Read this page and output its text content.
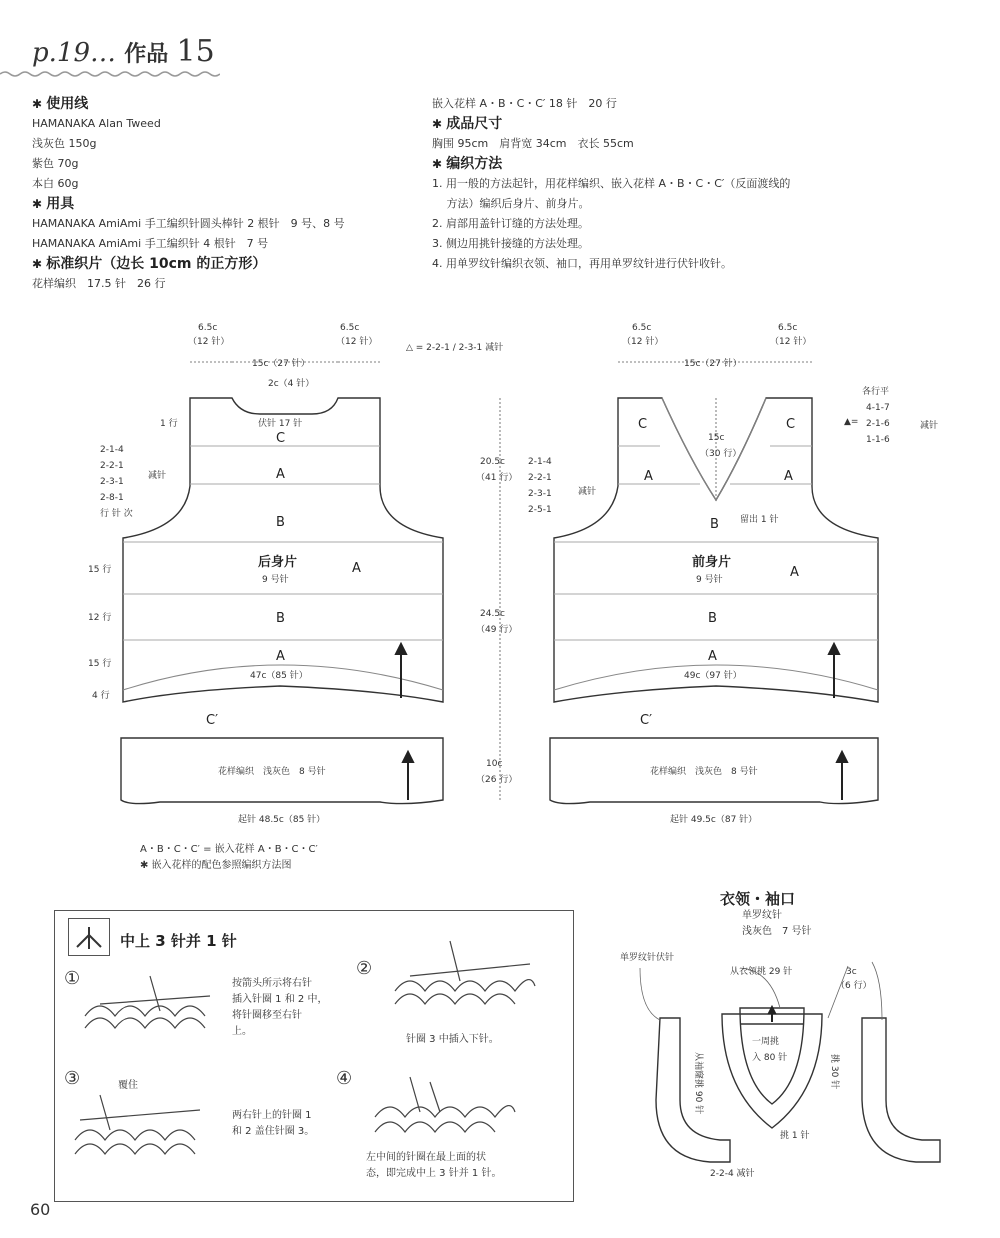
p.19… 作品 15
✱ 使用线

HAMANAKA Alan Tweed

浅灰色 150g

紫色 70g

本白 60g

✱ 用具

HAMANAKA AmiAmi 手工编织针圆头棒针 2 根针　9 号、8 号

HAMANAKA AmiAmi 手工编织针 4 根针　7 号

✱ 标准织片（边长 10cm 的正方形）

花样编织　17.5 针　26 行

嵌入花样 A・B・C・C′ 18 针　20 行

✱ 成品尺寸

胸围 95cm　肩背宽 34cm　衣长 55cm

✱ 编织方法

1. 用一般的方法起针，用花样编织、嵌入花样 A・B・C・C′（反面渡线的

　 方法）编织后身片、前身片。

2. 肩部用盖针订缝的方法处理。

3. 侧边用挑针接缝的方法处理。

4. 用单罗纹针编织衣领、袖口，再用单罗纹针进行伏针收针。

6.5c
（12 针）
6.5c
（12 针）
15c（27 针）
2c（4 针）
△ = 2-2-1 / 2-3-1 减针
伏针 17 针
1 行
2-1-4
2-2-1
2-3-1
2-8-1
减针
行 针 次
15 行
12 行
15 行
4 行
后身片
9 号针
47c（85 针）
花样编织　浅灰色　8 号针
起针 48.5c（85 针）
C
A
B
A
B
A
C′
20.5c
（41 行）
24.5c
（49 行）
10c
（26 行）
6.5c
（12 针）
6.5c
（12 针）
15c（27 针）
15c
（30 行）
各行平
4-1-7
2-1-6
1-1-6
减针
▲=
留出 1 针
2-1-4
2-2-1
2-3-1
2-5-1
减针
前身片
9 号针
49c（97 针）
花样编织　浅灰色　8 号针
起针 49.5c（87 针）
C	C
A	A
B
A
B
A
C′
A・B・C・C′ = 嵌入花样 A・B・C・C′
✱ 嵌入花样的配色参照编织方法图
中上 3 针并 1 针
①	按箭头所示将右针
插入针圈 1 和 2 中，
将针圈移至右针
上。
②
针圈 3 中插入下针。
③	覆住
两右针上的针圈 1
和 2 盖住针圈 3。
④
左中间的针圈在最上面的状
态，即完成中上 3 针并 1 针。
衣领・袖口
单罗纹针
浅灰色　7 号针
单罗纹针伏针
从衣领挑 29 针	3c
（6 行）
一周挑
入 80 针
从袖窿挑 90 针	挑 30 针
挑 1 针
2-2-4 减针
60
